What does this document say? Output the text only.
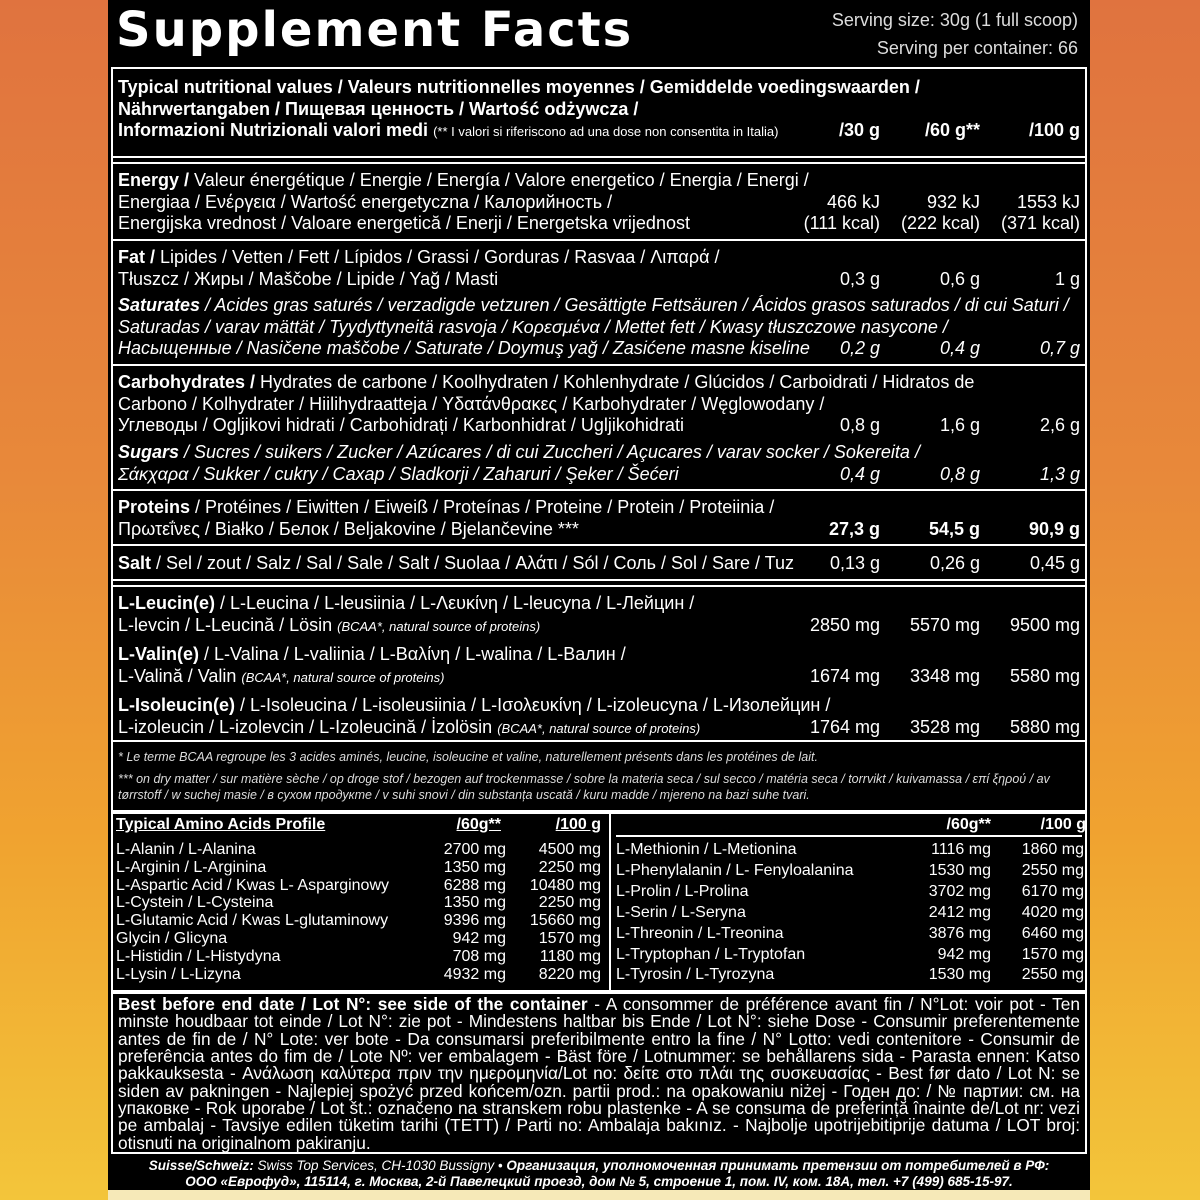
Supplement Facts	Serving size: 30g (1 full scoop)
Serving per container: 66
Typical nutritional values / Valeurs nutritionnelles moyennes / Gemiddelde voedingswaarden /
Nährwertangaben / Пищевая ценность / Wartość odżywcza /
Informazioni Nutrizionali valori medi (** I valori si riferiscono ad una dose non consentita in Italia)	/30 g	/60 g**	/100 g
Energy / Valeur énergétique / Energie / Energía / Valore energetico / Energia / Energi /
Energiaa / Ενέργεια / Wartość energetyczna / Калорийность /	466 kJ	932 kJ	1553 kJ
Energijska vrednost / Valoare energetică / Enerji / Energetska vrijednost	(111 kcal)	(222 kcal)	(371 kcal)
Fat / Lipides / Vetten / Fett / Lípidos / Grassi / Gorduras / Rasvaa / Λιπαρά /
Tłuszcz / Жиры / Maščobe / Lipide / Yağ / Masti	0,3 g	0,6 g	1 g
Saturates / Acides gras saturés / verzadigde vetzuren / Gesättigte Fettsäuren / Ácidos grasos saturados / di cui Saturi /
Saturadas / varav mättät / Tyydyttyneitä rasvoja / Κορεσμένα / Mettet fett / Kwasy tłuszczowe nasycone /
Насыщенные / Nasičene maščobe / Saturate / Doymuş yağ / Zasićene masne kiseline	0,2 g	0,4 g	0,7 g
Carbohydrates / Hydrates de carbone / Koolhydraten / Kohlenhydrate / Glúcidos / Carboidrati / Hidratos de
Carbono / Kolhydrater / Hiilihydraatteja / Υδατάνθρακες / Karbohydrater / Węglowodany /
Углеводы / Ogljikovi hidrati / Carbohidrați / Karbonhidrat / Ugljikohidrati	0,8 g	1,6 g	2,6 g
Sugars / Sucres / suikers / Zucker / Azúcares / di cui Zuccheri / Açucares / varav socker / Sokereita /
Σάκχαρα / Sukker / cukry / Сахар / Sladkorji / Zaharuri / Şeker / Šećeri	0,4 g	0,8 g	1,3 g
Proteins / Protéines / Eiwitten / Eiweiß / Proteínas / Proteine / Protein / Proteiinia /
Πρωτεΐνες / Białko / Белок / Beljakovine / Bjelančevine ***	27,3 g	54,5 g	90,9 g
Salt / Sel / zout / Salz / Sal / Sale / Salt / Suolaa / Αλάτι / Sól / Соль / Sol / Sare / Tuz	0,13 g	0,26 g	0,45 g
L-Leucin(e) / L-Leucina / L-leusiinia / L-Λευκίνη / L-leucyna / L-Лейцин /
L-levcin / L-Leucină / Lösin (BCAA*, natural source of proteins)	2850 mg	5570 mg	9500 mg
L-Valin(e) / L-Valina / L-valiinia / L-Βαλίνη / L-walina / L-Валин /
L-Valină / Valin (BCAA*, natural source of proteins)	1674 mg	3348 mg	5580 mg
L-Isoleucin(e) / L-Isoleucina / L-isoleusiinia / L-Ισολευκίνη / L-izoleucyna / L-Изолейцин /
L-izoleucin / L-izolevcin / L-Izoleucină / İzolösin (BCAA*, natural source of proteins)	1764 mg	3528 mg	5880 mg
* Le terme BCAA regroupe les 3 acides aminés, leucine, isoleucine et valine, naturellement présents dans les protéines de lait.
*** on dry matter / sur matière sèche / op droge stof / bezogen auf trockenmasse / sobre la materia seca / sul secco / matéria seca / torrvikt / kuivamassa / επί ξηρού / av
tørrstoff / w suchej masie / в сухом продукте / v suhi snovi / din substanța uscată / kuru madde / mjereno na bazi suhe tvari.
Typical Amino Acids Profile	/60g**	/100 g	/60g**	/100 g
L-Alanin / L-Alanina	2700 mg	4500 mg
L-Arginin / L-Arginina	1350 mg	2250 mg
L-Aspartic Acid / Kwas L- Asparginowy	6288 mg	10480 mg
L-Cystein / L-Cysteina	1350 mg	2250 mg
L-Glutamic Acid / Kwas L-glutaminowy	9396 mg	15660 mg
Glycin / Glicyna	942 mg	1570 mg
L-Histidin / L-Histydyna	708 mg	1180 mg
L-Lysin / L-Lizyna	4932 mg	8220 mg
L-Methionin / L-Metionina	1116 mg	1860 mg
L-Phenylalanin / L- Fenyloalanina	1530 mg	2550 mg
L-Prolin / L-Prolina	3702 mg	6170 mg
L-Serin / L-Seryna	2412 mg	4020 mg
L-Threonin / L-Treonina	3876 mg	6460 mg
L-Tryptophan / L-Tryptofan	942 mg	1570 mg
L-Tyrosin / L-Tyrozyna	1530 mg	2550 mg
Best before end date / Lot N°: see side of the container - A consommer de préférence avant fin / N°Lot: voir pot - Ten minste houdbaar tot einde / Lot N°: zie pot - Mindestens haltbar bis Ende / Lot N°: siehe Dose - Consumir preferentemente antes de fin de / N° Lote: ver bote - Da consumarsi preferibilmente entro la fine / N° Lotto: vedi contenitore - Consumir de preferência antes do fim de / Lote Nº: ver embalagem - Bäst före / Lotnummer: se behållarens sida - Parasta ennen: Katso pakkauksesta - Ανάλωση καλύτερα πριν την ημερομηνία/Lot no: δείτε στο πλάι της συσκευασίας - Best før dato / Lot N: se siden av pakningen - Najlepiej spożyć przed końcem/ozn. partii prod.: na opakowaniu niżej - Годен до: / № партии: см. на упаковке - Rok uporabe / Lot št.: označeno na stranskem robu plastenke - A se consuma de preferință înainte de/Lot nr: vezi pe ambalaj - Tavsiye edilen tüketim tarihi (TETT) / Parti no: Ambalaja bakınız. - Najbolje upotrijebitiprije datuma / LOT broj: otisnuti na originalnom pakiranju.
Suisse/Schweiz: Swiss Top Services, CH-1030 Bussigny • Организация, уполномоченная принимать претензии от потребителей в РФ:
ООО «Еврофуд», 115114, г. Москва, 2-й Павелецкий проезд, дом № 5, строение 1, пом. IV, ком. 18А, тел. +7 (499) 685-15-97.
